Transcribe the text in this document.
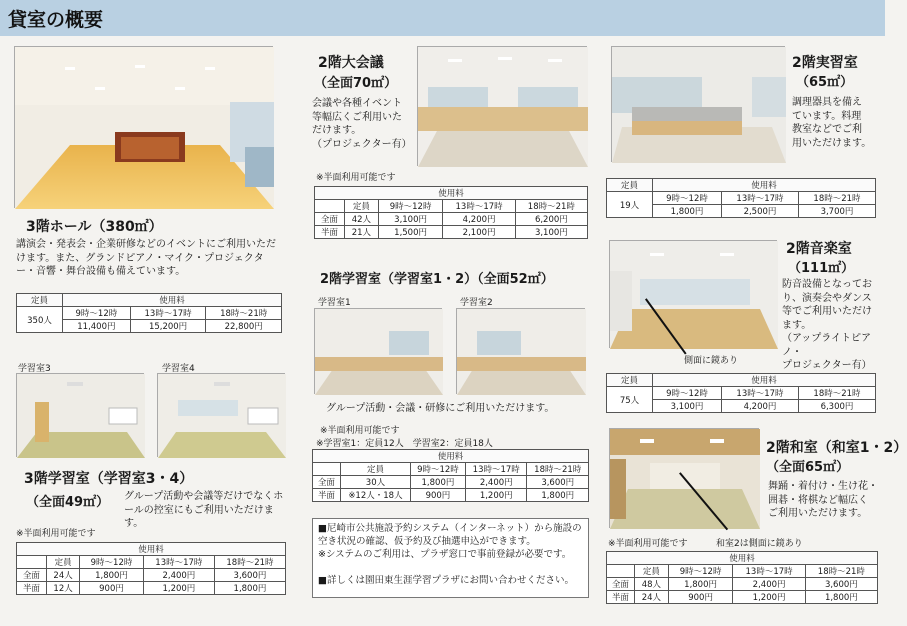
貸室の概要
3階ホール（380㎡）
講演会・発表会・企業研修などのイベントにご利用いただけます。また、グランドピアノ・マイク・プロジェクター・音響・舞台設備も備えています。
定員	使用料		
350人	9時～12時	13時～17時	18時～21時
	11,400円	15,200円	22,800円
学習室3	学習室4
3階学習室（学習室3・4）
（全面49㎡） グループ活動や会議等だけでなくホールの控室にもご利用いただけます。
※半面利用可能です
使用料				
	定員	9時～12時	13時～17時	18時～21時
全面	24人	1,800円	2,400円	3,600円
半面	12人	900円	1,200円	1,800円
2階大会議
（全面70㎡）
会議や各種イベント
等幅広くご利用いた
だけます。
（プロジェクター有）
※半面利用可能です
使用料				
	定員	9時～12時	13時～17時	18時～21時
全面	42人	3,100円	4,200円	6,200円
半面	21人	1,500円	2,100円	3,100円
2階学習室（学習室1・2）（全面52㎡）
学習室1	学習室2
グループ活動・会議・研修にご利用いただけます。
※半面利用可能です
※学習室1：定員12人　学習室2：定員18人
使用料				
	定員	9時～12時	13時～17時	18時～21時
全面	30人	1,800円	2,400円	3,600円
半面	※12人・18人	900円	1,200円	1,800円
■尼崎市公共施設予約システム（インターネット）から施設の空き状況の確認、仮予約及び抽選申込ができます。
※システムのご利用は、プラザ窓口で事前登録が必要です。

■詳しくは園田東生涯学習プラザにお問い合わせください。
2階実習室
（65㎡）
調理器具を備え
ています。料理
教室などでご利
用いただけます。
定員	使用料		
19人	9時～12時	13時～17時	18時～21時
	1,800円	2,500円	3,700円
側面に鏡あり
2階音楽室
（111㎡）
防音設備となってお
り、演奏会やダンス
等でご利用いただけ
ます。
（アップライトピアノ・
プロジェクター有）
定員	使用料		
75人	9時～12時	13時～17時	18時～21時
	3,100円	4,200円	6,300円
2階和室（和室1・2）
（全面65㎡）
舞踊・着付け・生け花・
囲碁・将棋など幅広く
ご利用いただけます。
※半面利用可能です	和室2は側面に鏡あり
使用料				
	定員	9時～12時	13時～17時	18時～21時
全面	48人	1,800円	2,400円	3,600円
半面	24人	900円	1,200円	1,800円
